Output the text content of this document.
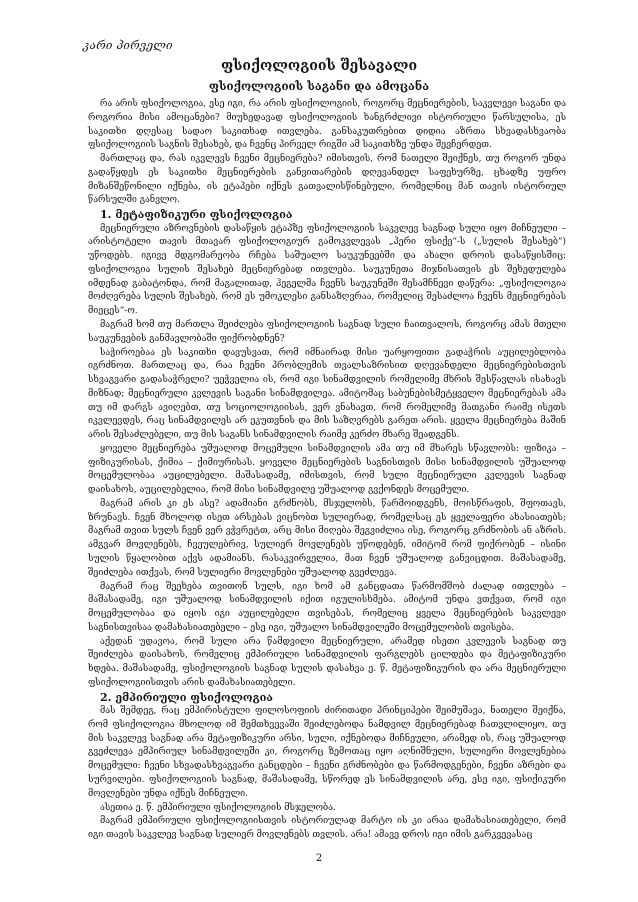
კარი პირველი
ფსიქოლოგიის შესავალი
ფსიქოლოგიის საგანი და ამოცანა

რა არის ფსიქოლოგია, ესე იგი, რა არის ფსიქოლოგიის, როგორც მეცნიერების, საკვლევი საგანი და როგორია მისი ამოცანები? მიუხედავად ფსიქოლოგიის ხანგრძლივი ისტორიული წარსულისა, ეს საკითხი დღესაც სადაო საკითხად ითვლება. განსაკუთრებით დიდია აზრთა სხვადასხვაობა ფსიქოლოგიის საგნის შესახებ, და ჩვენც პირველ რიგში ამ საკითხზე უნდა შევჩერდეთ.

მართლაც და, რას იკვლევს ჩვენი მეცნიერება? იმისთვის, რომ ნათელი შეიქნეს, თუ როგორ უნდა გადაწყდეს ეს საკითხი მეცნიერების განვითარების დღევანდელ საფეხურზე, ცხადზე უფრო მიზანშეწონილი იქნება, ის ეტაპები იქნეს გათვალისწინებული, რომელნიც მან თავის ისტორიულ წარსულში განვლო.

1. მეტაფიზიკური ფსიქოლოგია

მეცნიერული აზროვნების დასაწყის ეტაპზე ფსიქოლოგიის საკვლევ საგნად სული იყო მიჩნეული – არისტოტელი თავის მთავარ ფსიქოლოგიურ გამოკვლევას „პერი ფსიქე“-ს („სულის შესახებ“) უწოდებს. იგივე მდგომარეობა რჩება საშუალო საუკუნეებში და ახალი დროის დასაწყისშიც: ფსიქოლოგია სულის შესახებ მეცნიერებად ითვლება. საუკუნეთა მიჯნისათვის ეს შეხედულება იმდენად გაბატონდა, რომ მაგალითად, ჰეგელმა ჩვენს საუკუნეში შესამჩნევი დაწერა: „ფსიქოლოგია მოძღვრება სულის შესახებ, რომ ეს უმოკლესი განსაზღვრაა, რომელიც შესაძლოა ჩვენს მეცნიერებას მიეცეს“-ო.

მაგრამ ხომ თუ მართლა შეიძლება ფსიქოლოგიის საგნად სული ჩაითვალოს, როგორც ამას მთელი საუკუნეების განმავლობაში ფიქრობდნენ?

საჭიროებაა ეს საკითხი დავუსვათ, რომ იმნაირად მისი უარყოფითი გადაჭრის აუცილებლობა იგრძნოთ. მართლაც და, რაა ჩვენი პრობლემის თვალსაზრისით დღევანდელი მეცნიერებისთვის სხვაგვარი გადასაჭრელი? უეჭველია ის, რომ იგი სინამდვილის რომელიმე მხრის შესწავლას ისახავს მიზნად; მეცნიერული კვლევის საგანი სინამდვილეა. ამიტომაც საბუნებისმეტყველო მეცნიერებას ამა თუ იმ დარგს ავიღებთ, თუ სოციოლოგიისას, ვერ ვნახავთ, რომ რომელიმე მათგანი რაიმე ისეთს იკვლევდეს, რაც სინამდვილეს არ ეკუთვნის და მის საზღვრებს გარეთ არის. ყველა მეცნიერება მაშინ არის შესაძლებელი, თუ მის საგანს სინამდვილის რაიმე კერძო მხარე შეადგენს.

ყოველი მეცნიერება უშუალოდ მოცემული სინამდვილის ამა თუ იმ მხარეს სწავლობს: ფიზიკა – ფიზიკურისას, ქიმია – ქიმიურისას. ყოველი მეცნიერების საგნისთვის მისი სინამდვილის უშუალოდ მოცემულობაა აუცილებელი. მაშასადამე, იმისთვის, რომ სული მეცნიერული კვლევის საგნად დაისახოს, აუცილებელია, რომ მისი სინამდვილე უშუალოდ გვქონდეს მოცემული.

მაგრამ არის კი ეს ასე? ადამიანი გრძნობს, მსჯელობს, წარმოიდგენს, მოისწრაფის, შფოთავს, ზრუნავს. ჩვენ მხოლოდ ისეთ არსებას ვიცნობთ სულიერად, რომელსაც ეს ყველაფერი ახასიათებს; მაგრამ თვით სულს ჩვენ ვერ ვჭვრეტთ, არც მისი მიღება შეგვიძლია ისე, როგორც გრძნობის ან აზრის. ამგვარ მოვლენებს, ჩვეულებრივ, სულიერ მოვლენებს უწოდებენ, იმიტომ რომ ფიქრობენ – ისინი სულის წყალობით აქვს ადამიანს. რასაკვირველია, მათ ჩვენ უშუალოდ განვიცდით. მაშასადამე, შეიძლება ითქვას, რომ სულიერი მოვლენები უშუალოდ გვეძლევა.

მაგრამ რაც შეეხება თვითონ სულს, იგი ხომ ამ განცდათა წარმომშობ ძალად ითვლება – მაშასადამე, იგი უშუალოდ სინამდვილის იქით იგულისხმება. ამიტომ უნდა ვთქვათ, რომ იგი მოცემულობაა და იყოს იგი აუცილებელი თვისებას, რომელიც ყველა მეცნიერების საკვლევი საგნისთვისაა დამახასიათებელი – ესე იგი, უშუალო სინამდვილეში მოცემულობის თვისება.

აქედან უდავოა, რომ სული არა წამდვილი მეცნიერული, არამედ ისეთი კვლევის საგნად თუ შეიძლება დაისახოს, რომელიც ემპირიული სინამდვილის ფარგლებს ცილდება და მეტაფიზიკური ხდება. მაშასადამე, ფსიქოლოგიის საგნად სულის დასახვა ე. წ. მეტაფიზიკურის და არა მეცნიერული ფსიქოლოგიისთვის არის დამახასიათებელი.

2. ემპირიული ფსიქოლოგია

მას შემდეგ, რაც ემპირისტული ფილოსოფიის ძირითადი პრინციპები შეიმუშავა, ნათელი შეიქნა, რომ ფსიქოლოგია მხოლოდ იმ შემთხვევაში შეიძლებოდა ნამდვილ მეცნიერებად ჩათვლილიყო, თუ მის საკვლევ საგნად არა მეტაფიზიკური არსი, სული, იქნებოდა მიჩნეული, არამედ ის, რაც უშუალოდ გვეძლევა ემპირიულ სინამდვილეში კი, როგორც ზემოთაც იყო აღნიშნული, სულიერი მოვლენებია მოცემული: ჩვენი სხვადასხვაგვარი განცდები – ჩვენი გრძნობები და წარმოდგენები, ჩვენი აზრები და სურვილები. ფსიქოლოგიის საგნად, მაშასადამე, სწორედ ეს სინამდვილის არე, ესე იგი, ფსიქიკური მოვლენები უნდა იქნეს მიჩნეული.

ასეთია ე. წ. ემპირიული ფსიქოლოგიის მსჯელობა.

მაგრამ ემპირიული ფსიქოლოგიისთვის ისტორიულად მარტო ის კი არაა დამახასიათებელი, რომ იგი თავის საკვლევ საგნად სულიერ მოვლენებს თვლის. არა! ამავე დროს იგი იმის გარკვევასაც

2
